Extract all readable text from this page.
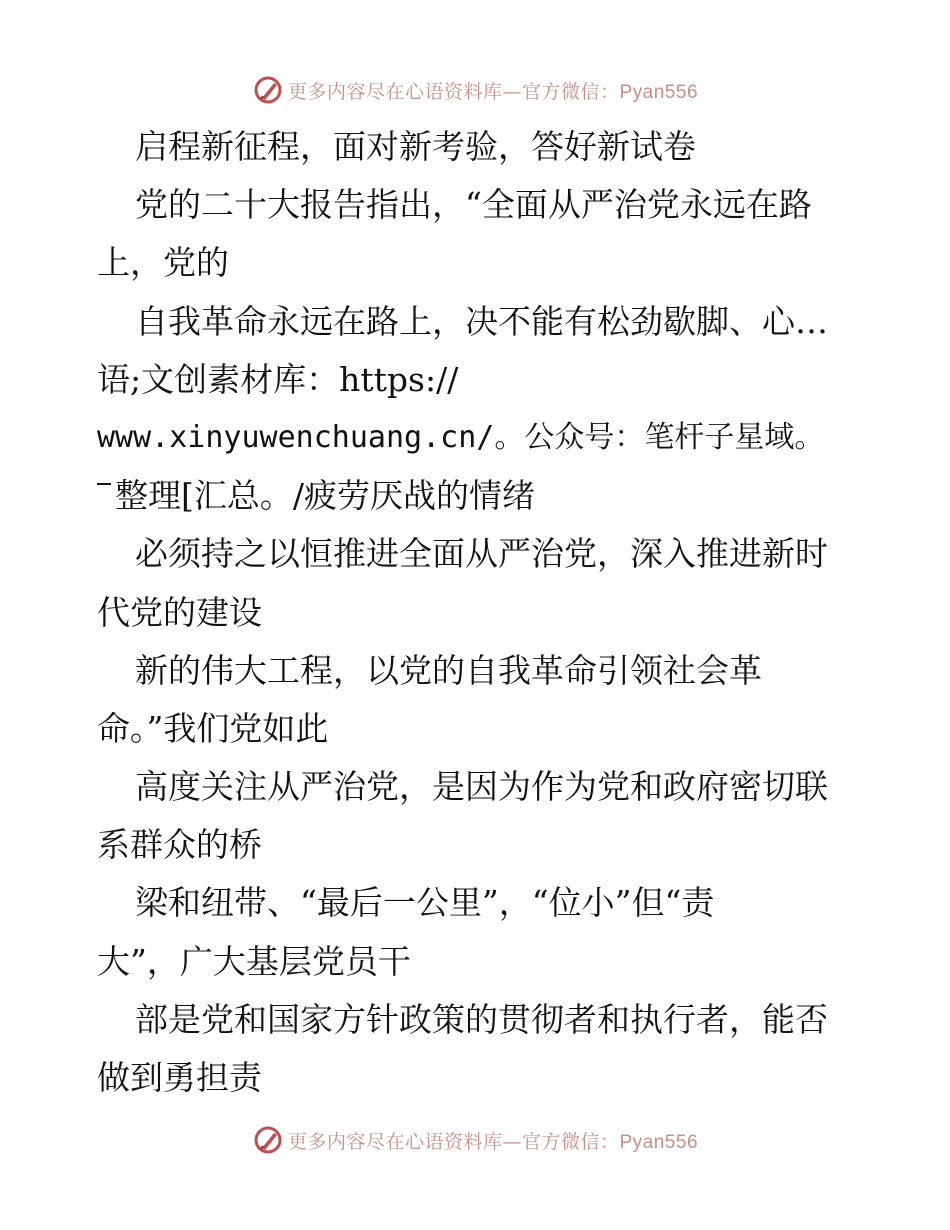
更多内容尽在心语资料库—官方微信：Pyan556
启程新征程，面对新考验，答好新试卷
党的二十大报告指出，“全面从严治党永远在路
上，党的
自我革命永远在路上，决不能有松劲歇脚、心…
语;文创素材库：https://
www.xinyuwenchuang.cn/。公众号：笔杆子星域。
整理[汇总。/疲劳厌战的情绪
必须持之以恒推进全面从严治党，深入推进新时
代党的建设
新的伟大工程，以党的自我革命引领社会革
命。”我们党如此
高度关注从严治党，是因为作为党和政府密切联
系群众的桥
梁和纽带、“最后一公里”，“位小”但“责
大”，广大基层党员干
部是党和国家方针政策的贯彻者和执行者，能否
做到勇担责
更多内容尽在心语资料库—官方微信：Pyan556
